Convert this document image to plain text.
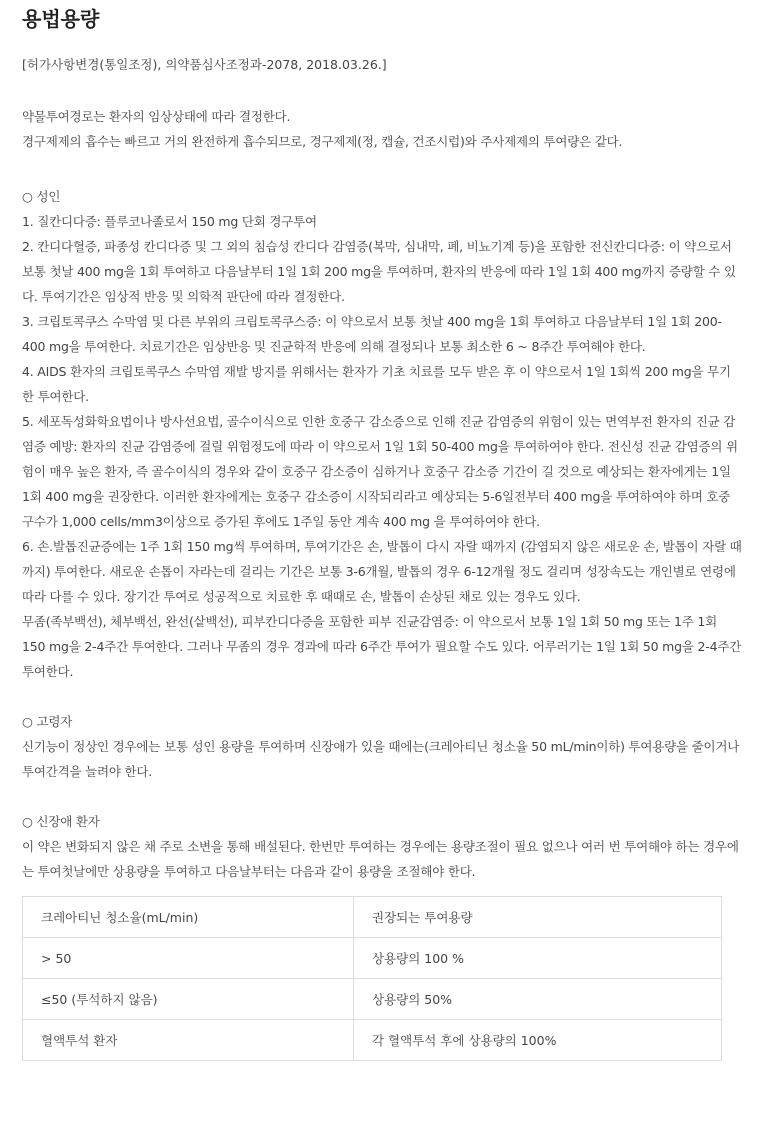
용법용량
[허가사항변경(통일조정), 의약품심사조정과-2078, 2018.03.26.]

약물투여경로는 환자의 임상상태에 따라 결정한다.

경구제제의 흡수는 빠르고 거의 완전하게 흡수되므로, 경구제제(정, 캡슐, 건조시럽)와 주사제제의 투여량은 같다.

○ 성인

1. 질칸디다증: 플루코나졸로서 150 mg 단회 경구투여

2. 칸디다혈증, 파종성 칸디다증 및 그 외의 침습성 칸디다 감염증(복막, 심내막, 폐, 비뇨기계 등)을 포함한 전신칸디다증: 이 약으로서 보통 첫날 400 mg을 1회 투여하고 다음날부터 1일 1회 200 mg을 투여하며, 환자의 반응에 따라 1일 1회 400 mg까지 증량할 수 있다. 투여기간은 임상적 반응 및 의학적 판단에 따라 결정한다.

3. 크립토콕쿠스 수막염 및 다른 부위의 크립토콕쿠스증: 이 약으로서 보통 첫날 400 mg을 1회 투여하고 다음날부터 1일 1회 200-400 mg을 투여한다. 치료기간은 임상반응 및 진균학적 반응에 의해 결정되나 보통 최소한 6 ~ 8주간 투여해야 한다.

4. AIDS 환자의 크립토콕쿠스 수막염 재발 방지를 위해서는 환자가 기초 치료를 모두 받은 후 이 약으로서 1일 1회씩 200 mg을 무기한 투여한다.

5. 세포독성화학요법이나 방사선요법, 골수이식으로 인한 호중구 감소증으로 인해 진균 감염증의 위험이 있는 면역부전 환자의 진균 감염증 예방: 환자의 진균 감염증에 걸릴 위험정도에 따라 이 약으로서 1일 1회 50-400 mg을 투여하여야 한다. 전신성 진균 감염증의 위험이 매우 높은 환자, 즉 골수이식의 경우와 같이 호중구 감소증이 심하거나 호중구 감소증 기간이 길 것으로 예상되는 환자에게는 1일 1회 400 mg을 권장한다. 이러한 환자에게는 호중구 감소증이 시작되리라고 예상되는 5-6일전부터 400 mg을 투여하여야 하며 호중구수가 1,000 cells/mm3이상으로 증가된 후에도 1주일 동안 계속 400 mg 을 투여하여야 한다.

6. 손.발톱진균증에는 1주 1회 150 mg씩 투여하며, 투여기간은 손, 발톱이 다시 자랄 때까지 (감염되지 않은 새로운 손, 발톱이 자랄 때까지) 투여한다. 새로운 손톱이 자라는데 걸리는 기간은 보통 3-6개월, 발톱의 경우 6-12개월 정도 걸리며 성장속도는 개인별로 연령에 따라 다를 수 있다. 장기간 투여로 성공적으로 치료한 후 때때로 손, 발톱이 손상된 채로 있는 경우도 있다.

무좀(족부백선), 체부백선, 완선(샅백선), 피부칸디다증을 포함한 피부 진균감염증: 이 약으로서 보통 1일 1회 50 mg 또는 1주 1회 150 mg을 2-4주간 투여한다. 그러나 무좀의 경우 경과에 따라 6주간 투여가 필요할 수도 있다. 어루러기는 1일 1회 50 mg을 2-4주간 투여한다.

○ 고령자

신기능이 정상인 경우에는 보통 성인 용량을 투여하며 신장애가 있을 때에는(크레아티닌 청소율 50 mL/min이하) 투여용량을 줄이거나 투여간격을 늘려야 한다.

○ 신장애 환자

이 약은 변화되지 않은 채 주로 소변을 통해 배설된다. 한번만 투여하는 경우에는 용량조절이 필요 없으나 여러 번 투여해야 하는 경우에는 투여첫날에만 상용량을 투여하고 다음날부터는 다음과 같이 용량을 조절해야 한다.

크레아티닌 청소율(mL/min)	권장되는 투여용량
> 50	상용량의 100 %
≤50 (투석하지 않음)	상용량의 50%
혈액투석 환자	각 혈액투석 후에 상용량의 100%
